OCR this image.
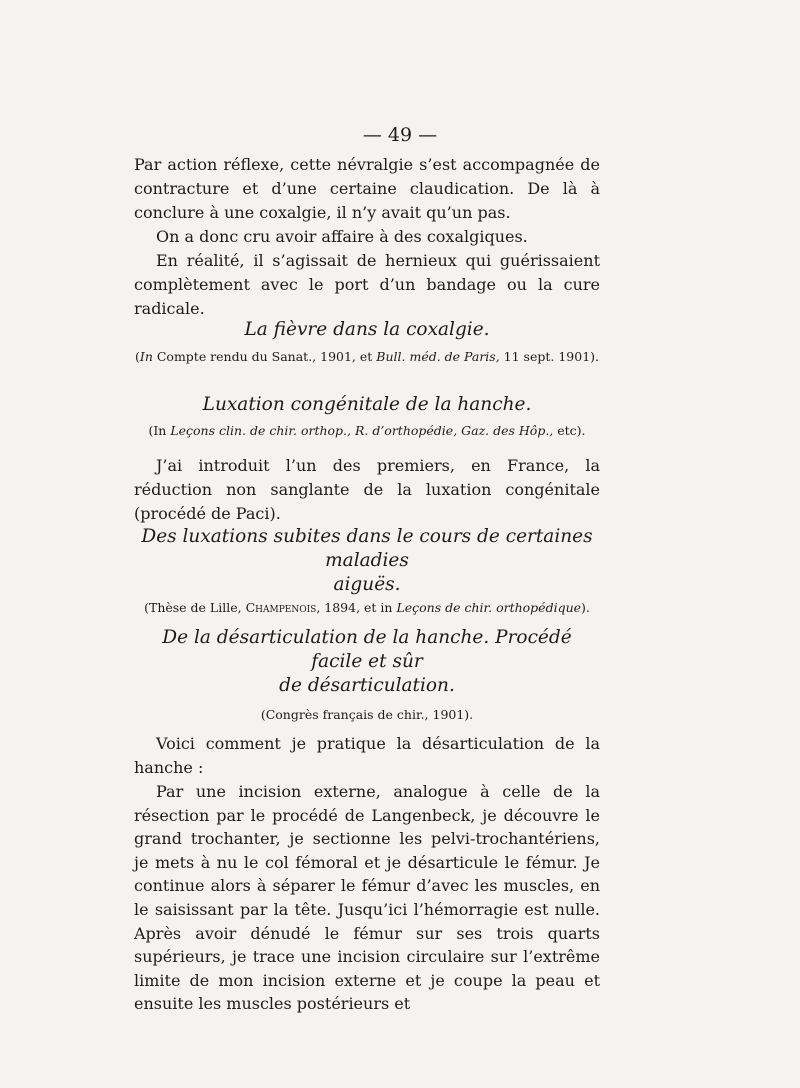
— 49 —

Par action réflexe, cette névralgie s’est accompagnée de contracture et d’une certaine claudication. De là à conclure à une coxalgie, il n’y avait qu’un pas.

On a donc cru avoir affaire à des coxalgiques.

En réalité, il s’agissait de hernieux qui guérissaient complètement avec le port d’un bandage ou la cure radicale.

La fièvre dans la coxalgie.

(In Compte rendu du Sanat., 1901, et Bull. méd. de Paris, 11 sept. 1901).

Luxation congénitale de la hanche.

(In Leçons clin. de chir. orthop., R. d’orthopédie, Gaz. des Hôp., etc).

J’ai introduit l’un des premiers, en France, la réduction non sanglante de la luxation congénitale (procédé de Paci).

Des luxations subites dans le cours de certaines maladies

aiguës.

(Thèse de Lille, Champenois, 1894, et in Leçons de chir. orthopédique).

De la désarticulation de la hanche. Procédé facile et sûr

de désarticulation.

(Congrès français de chir., 1901).

Voici comment je pratique la désarticulation de la hanche :

Par une incision externe, analogue à celle de la résection par le procédé de Langenbeck, je découvre le grand trochanter, je sectionne les pelvi-trochantériens, je mets à nu le col fémoral et je désarticule le fémur. Je continue alors à séparer le fémur d’avec les muscles, en le saisissant par la tête. Jusqu’ici l’hémorragie est nulle. Après avoir dénudé le fémur sur ses trois quarts supérieurs, je trace une incision circulaire sur l’extrême limite de mon incision externe et je coupe la peau et ensuite les muscles postérieurs et
